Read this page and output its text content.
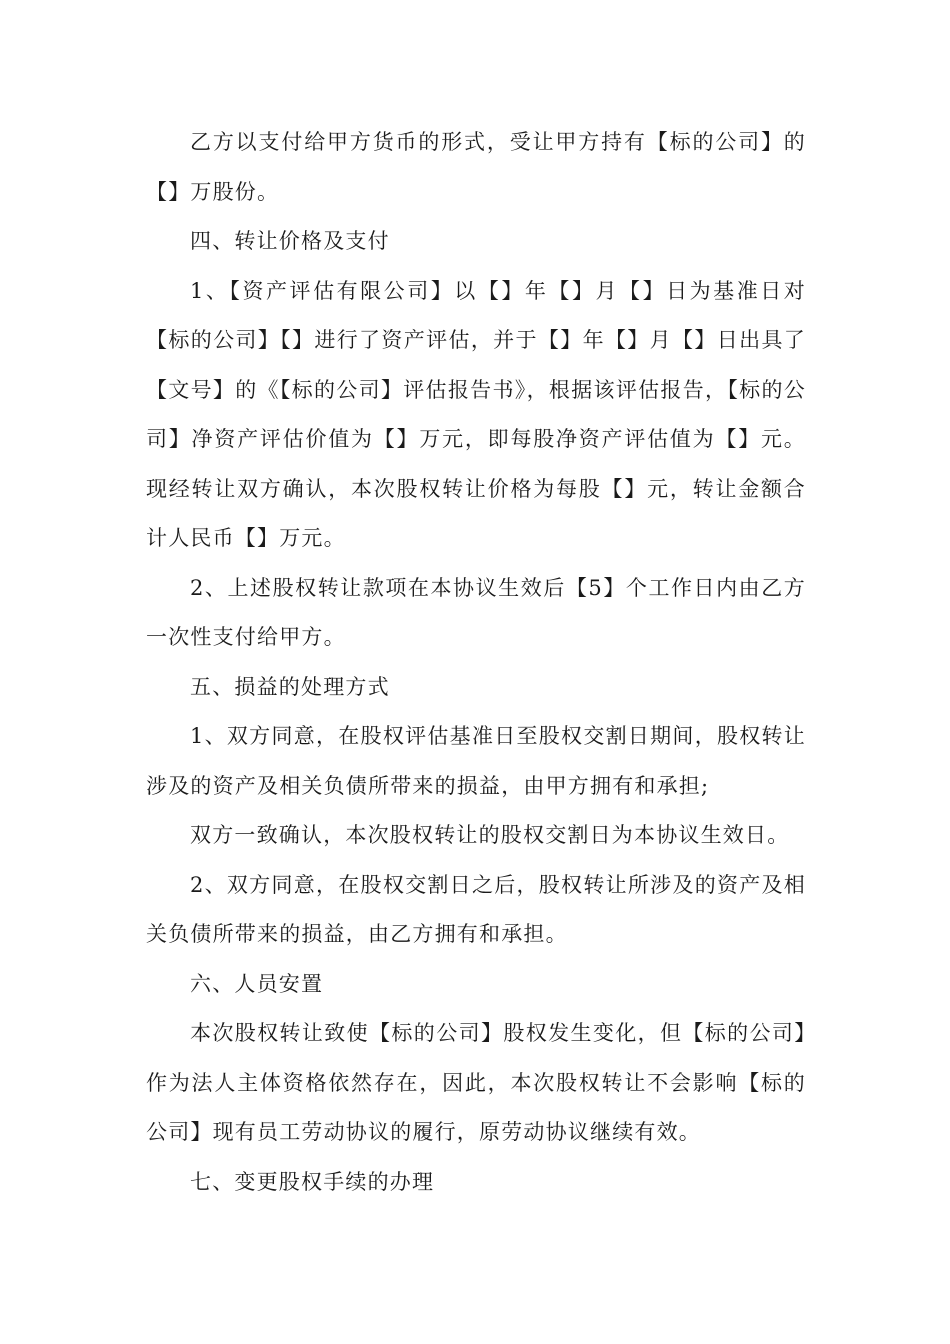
乙方以支付给甲方货币的形式，受让甲方持有【标的公司】的【】万股份。

四、转让价格及支付

1、【资产评估有限公司】以【】年【】月【】日为基准日对【标的公司】【】进行了资产评估，并于【】年【】月【】日出具了【文号】的《【标的公司】评估报告书》，根据该评估报告，【标的公司】净资产评估价值为【】万元，即每股净资产评估值为【】元。现经转让双方确认，本次股权转让价格为每股【】元，转让金额合计人民币【】万元。

2、上述股权转让款项在本协议生效后【5】个工作日内由乙方一次性支付给甲方。

五、损益的处理方式

1、双方同意，在股权评估基准日至股权交割日期间，股权转让涉及的资产及相关负债所带来的损益，由甲方拥有和承担;

双方一致确认，本次股权转让的股权交割日为本协议生效日。

2、双方同意，在股权交割日之后，股权转让所涉及的资产及相关负债所带来的损益，由乙方拥有和承担。

六、人员安置

本次股权转让致使【标的公司】股权发生变化，但【标的公司】作为法人主体资格依然存在，因此，本次股权转让不会影响【标的公司】现有员工劳动协议的履行，原劳动协议继续有效。

七、变更股权手续的办理
